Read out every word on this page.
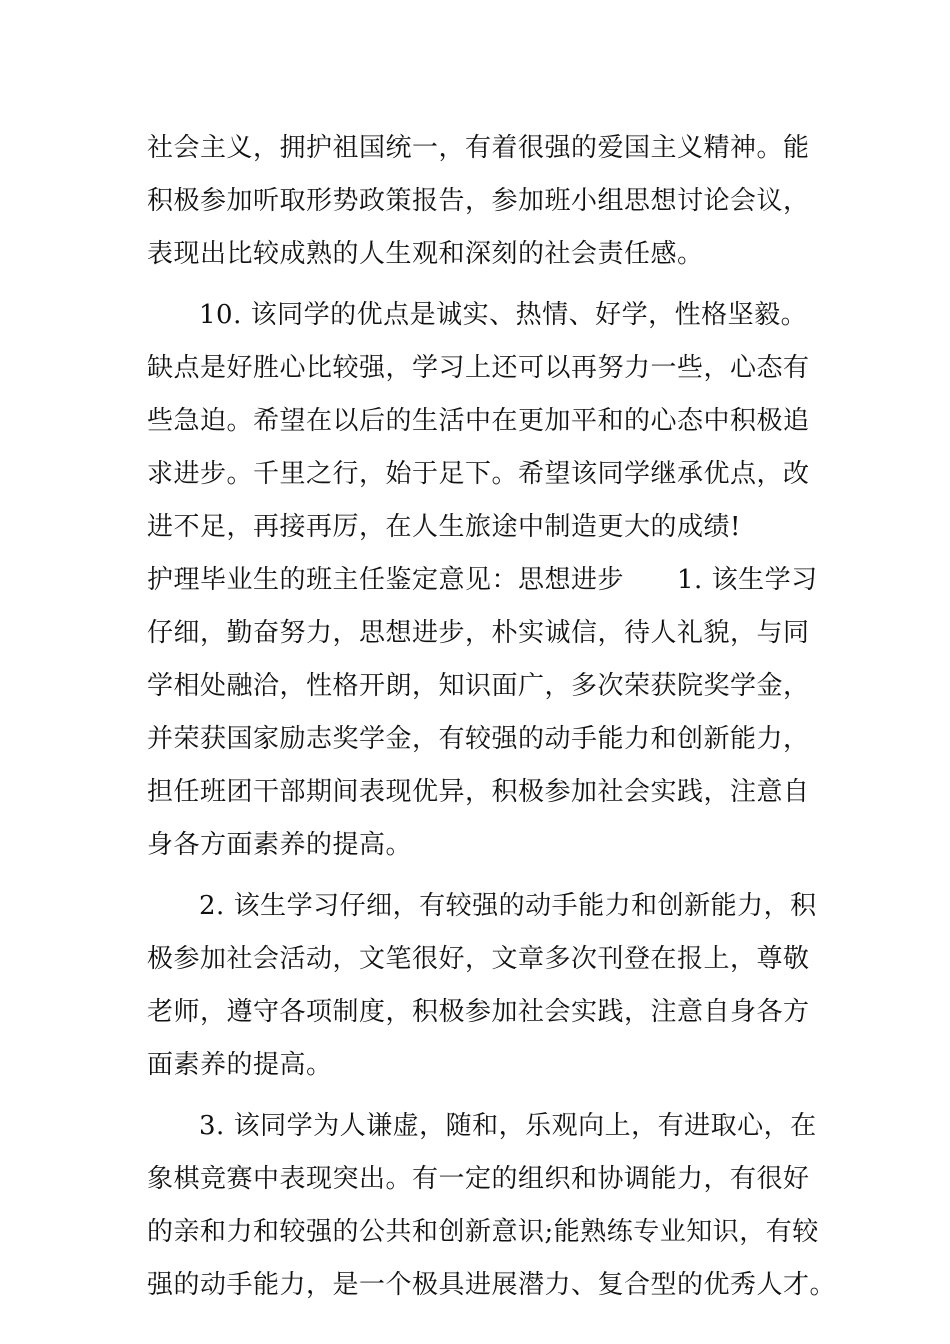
社会主义，拥护祖国统一，有着很强的爱国主义精神。能
积极参加听取形势政策报告，参加班小组思想讨论会议，
表现出比较成熟的人生观和深刻的社会责任感。
10. 该同学的优点是诚实、热情、好学，性格坚毅。
缺点是好胜心比较强，学习上还可以再努力一些，心态有
些急迫。希望在以后的生活中在更加平和的心态中积极追
求进步。千里之行，始于足下。希望该同学继承优点，改
进不足，再接再厉，在人生旅途中制造更大的成绩!
护理毕业生的班主任鉴定意见：思想进步　　1. 该生学习
仔细，勤奋努力，思想进步，朴实诚信，待人礼貌，与同
学相处融洽，性格开朗，知识面广，多次荣获院奖学金，
并荣获国家励志奖学金，有较强的动手能力和创新能力，
担任班团干部期间表现优异，积极参加社会实践，注意自
身各方面素养的提高。
2. 该生学习仔细，有较强的动手能力和创新能力，积
极参加社会活动，文笔很好，文章多次刊登在报上，尊敬
老师，遵守各项制度，积极参加社会实践，注意自身各方
面素养的提高。
3. 该同学为人谦虚，随和，乐观向上，有进取心，在
象棋竞赛中表现突出。有一定的组织和协调能力，有很好
的亲和力和较强的公共和创新意识;能熟练专业知识，有较
强的动手能力，是一个极具进展潜力、复合型的优秀人才。
